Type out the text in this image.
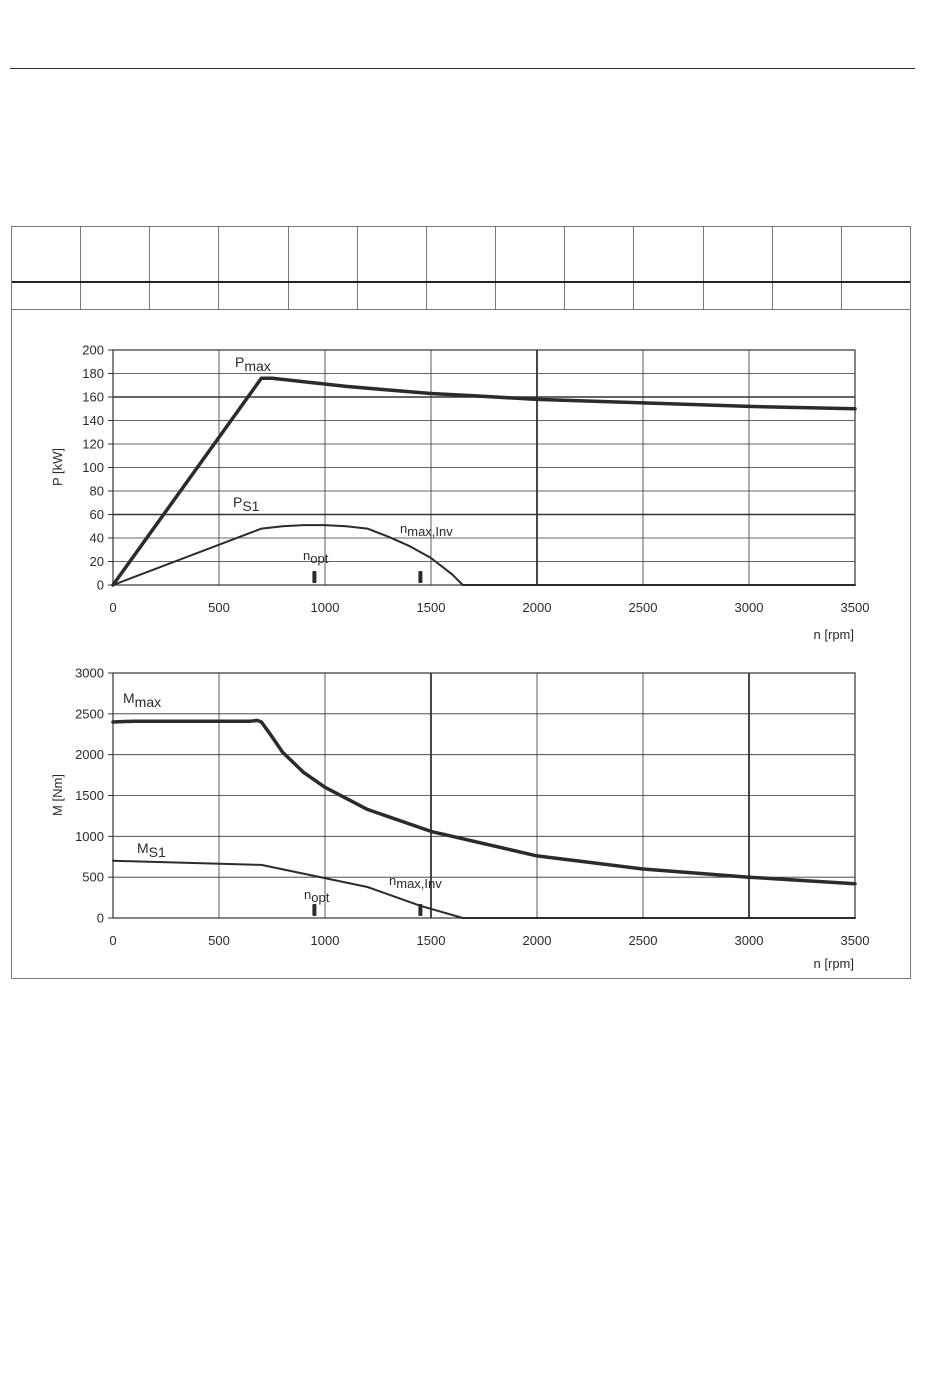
0
20
40
60
80
100
120
140
160
180
200
0	500	1000	1500	2000	2500	3000	3500
P [kW]
n [rpm]
Pmax
PS1
nopt
nmax,Inv
0
500
1000
1500
2000
2500
3000
0	500	1000	1500	2000	2500	3000	3500
M [Nm]
n [rpm]
Mmax
MS1
nopt
nmax,Inv
